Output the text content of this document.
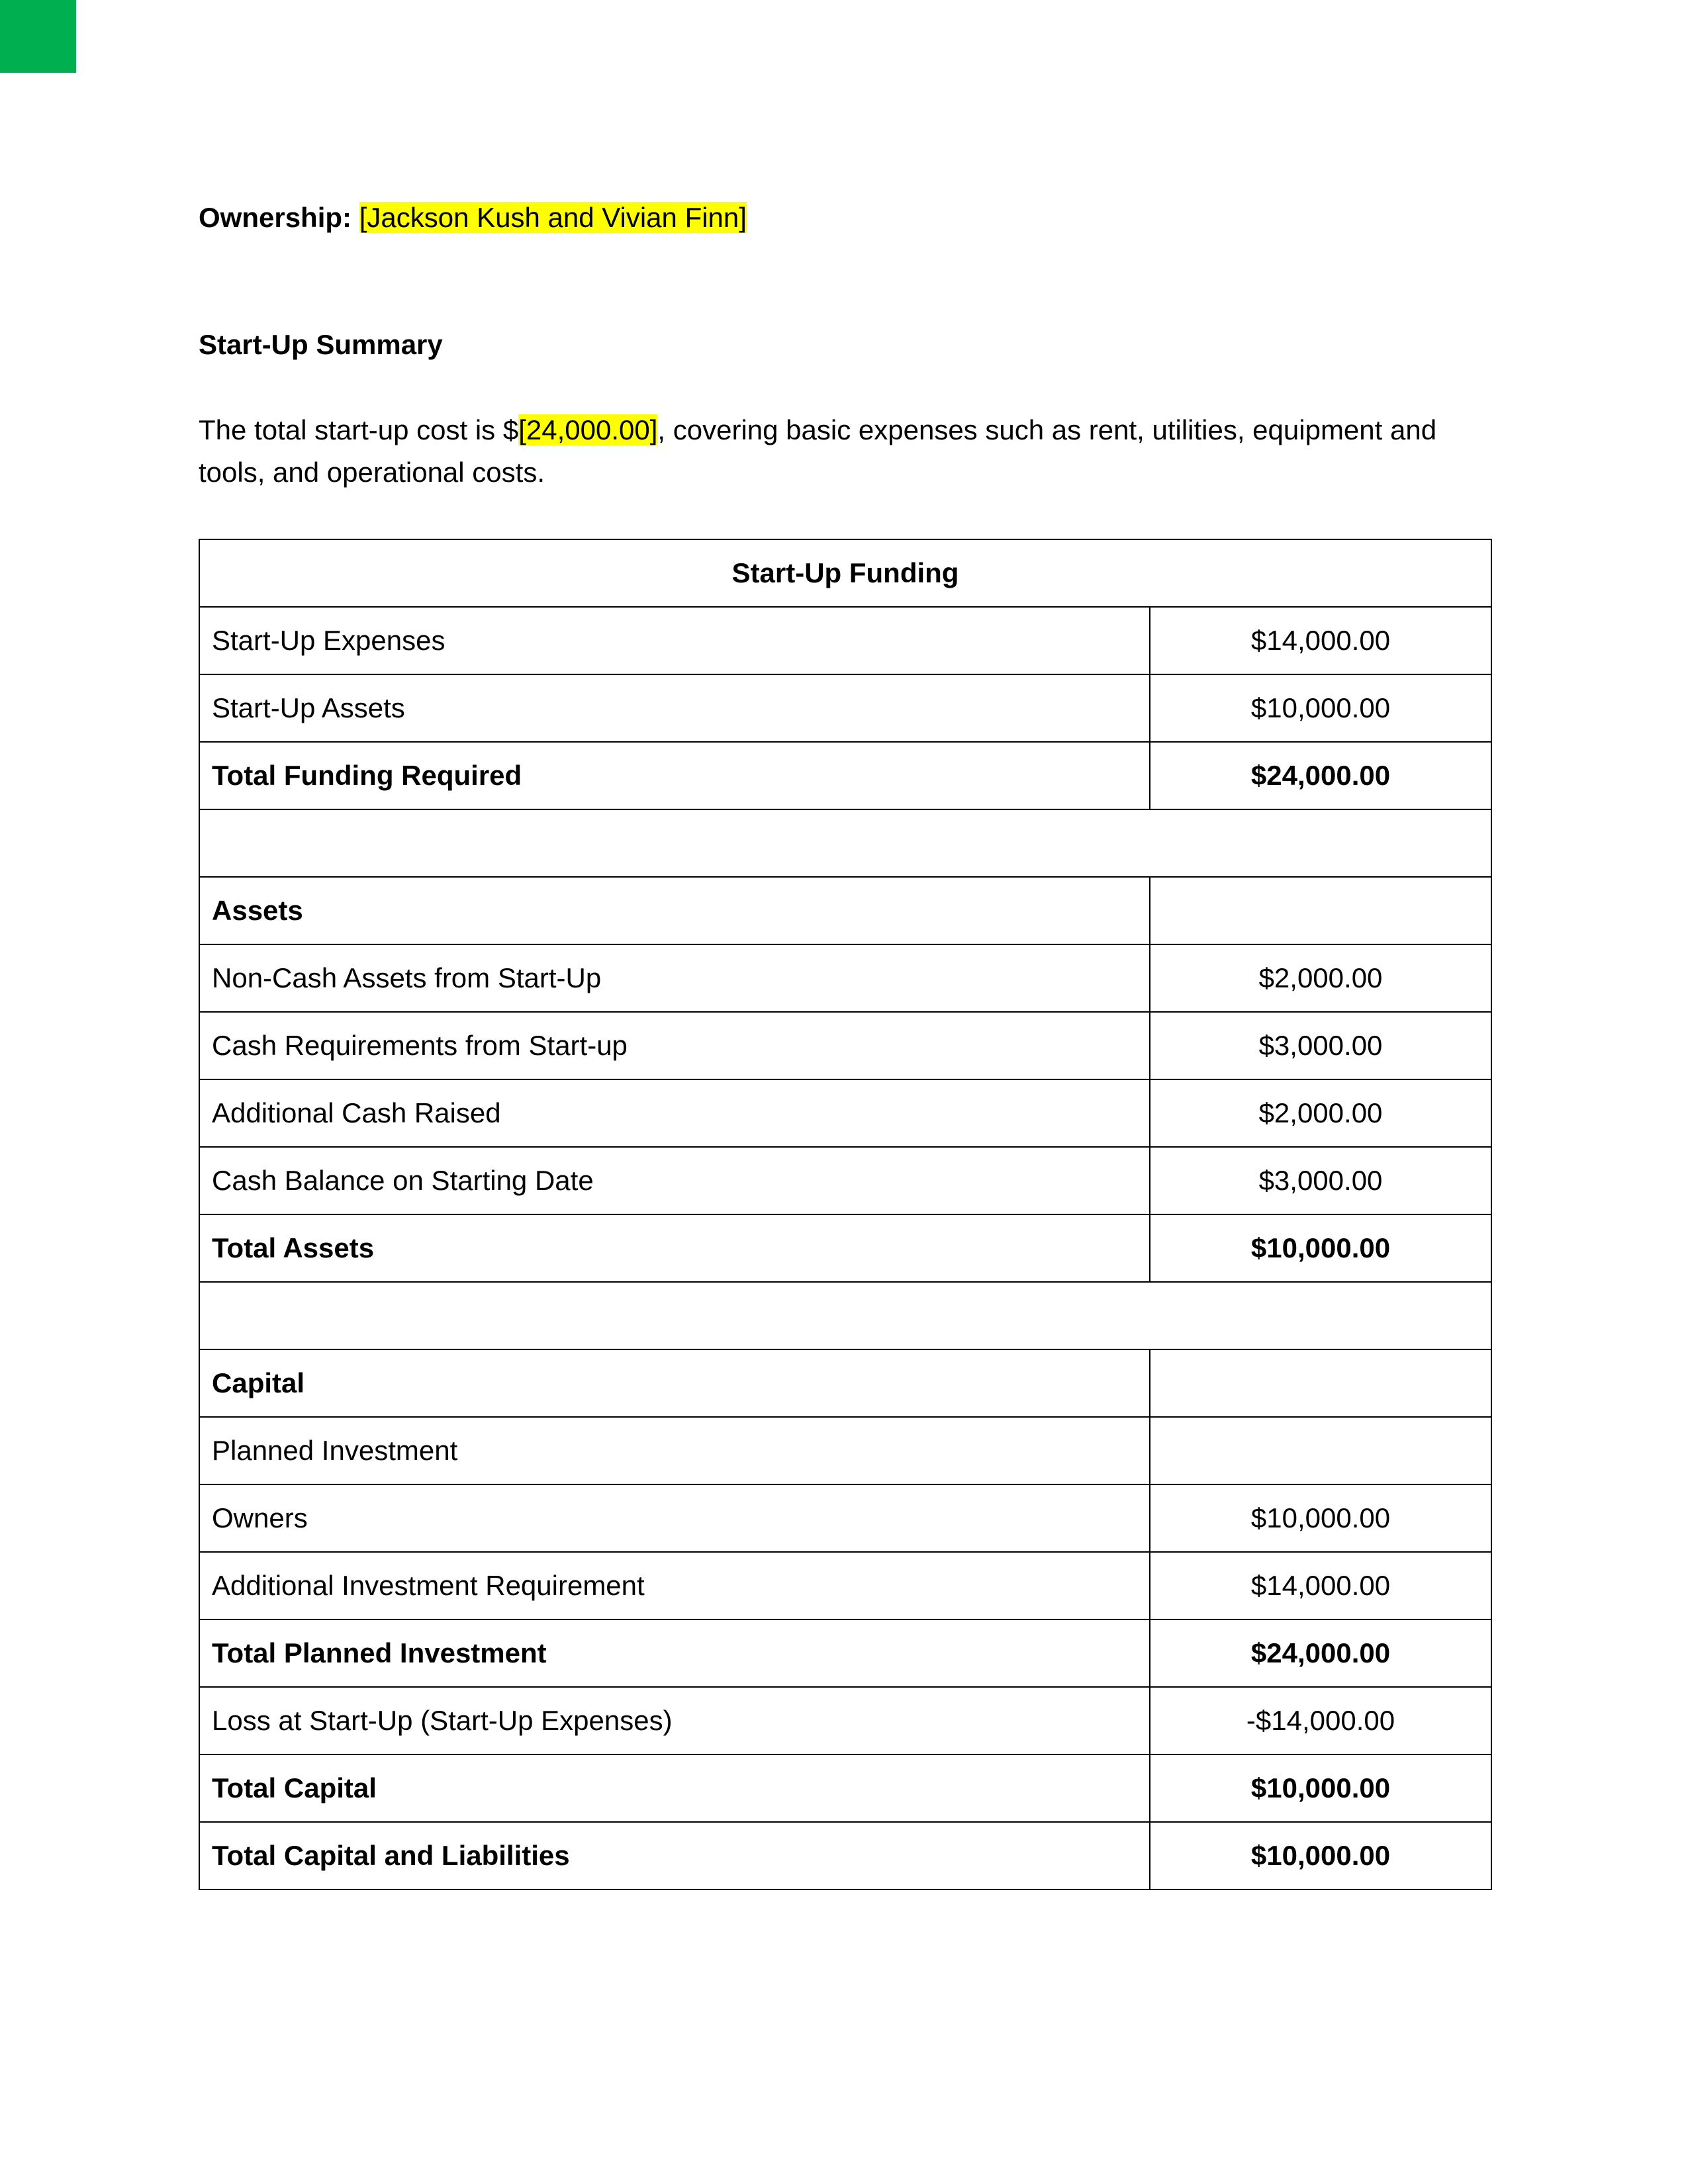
Ownership: [Jackson Kush and Vivian Finn]
Start-Up Summary
The total start-up cost is $[24,000.00], covering basic expenses such as rent, utilities, equipment and tools, and operational costs.
Start-Up Funding	
Start-Up Expenses	$14,000.00
Start-Up Assets	$10,000.00
Total Funding Required	$24,000.00

Assets	
Non-Cash Assets from Start-Up	$2,000.00
Cash Requirements from Start-up	$3,000.00
Additional Cash Raised	$2,000.00
Cash Balance on Starting Date	$3,000.00
Total Assets	$10,000.00

Capital	
Planned Investment	
Owners	$10,000.00
Additional Investment Requirement	$14,000.00
Total Planned Investment	$24,000.00
Loss at Start-Up (Start-Up Expenses)	-$14,000.00
Total Capital	$10,000.00
Total Capital and Liabilities	$10,000.00
